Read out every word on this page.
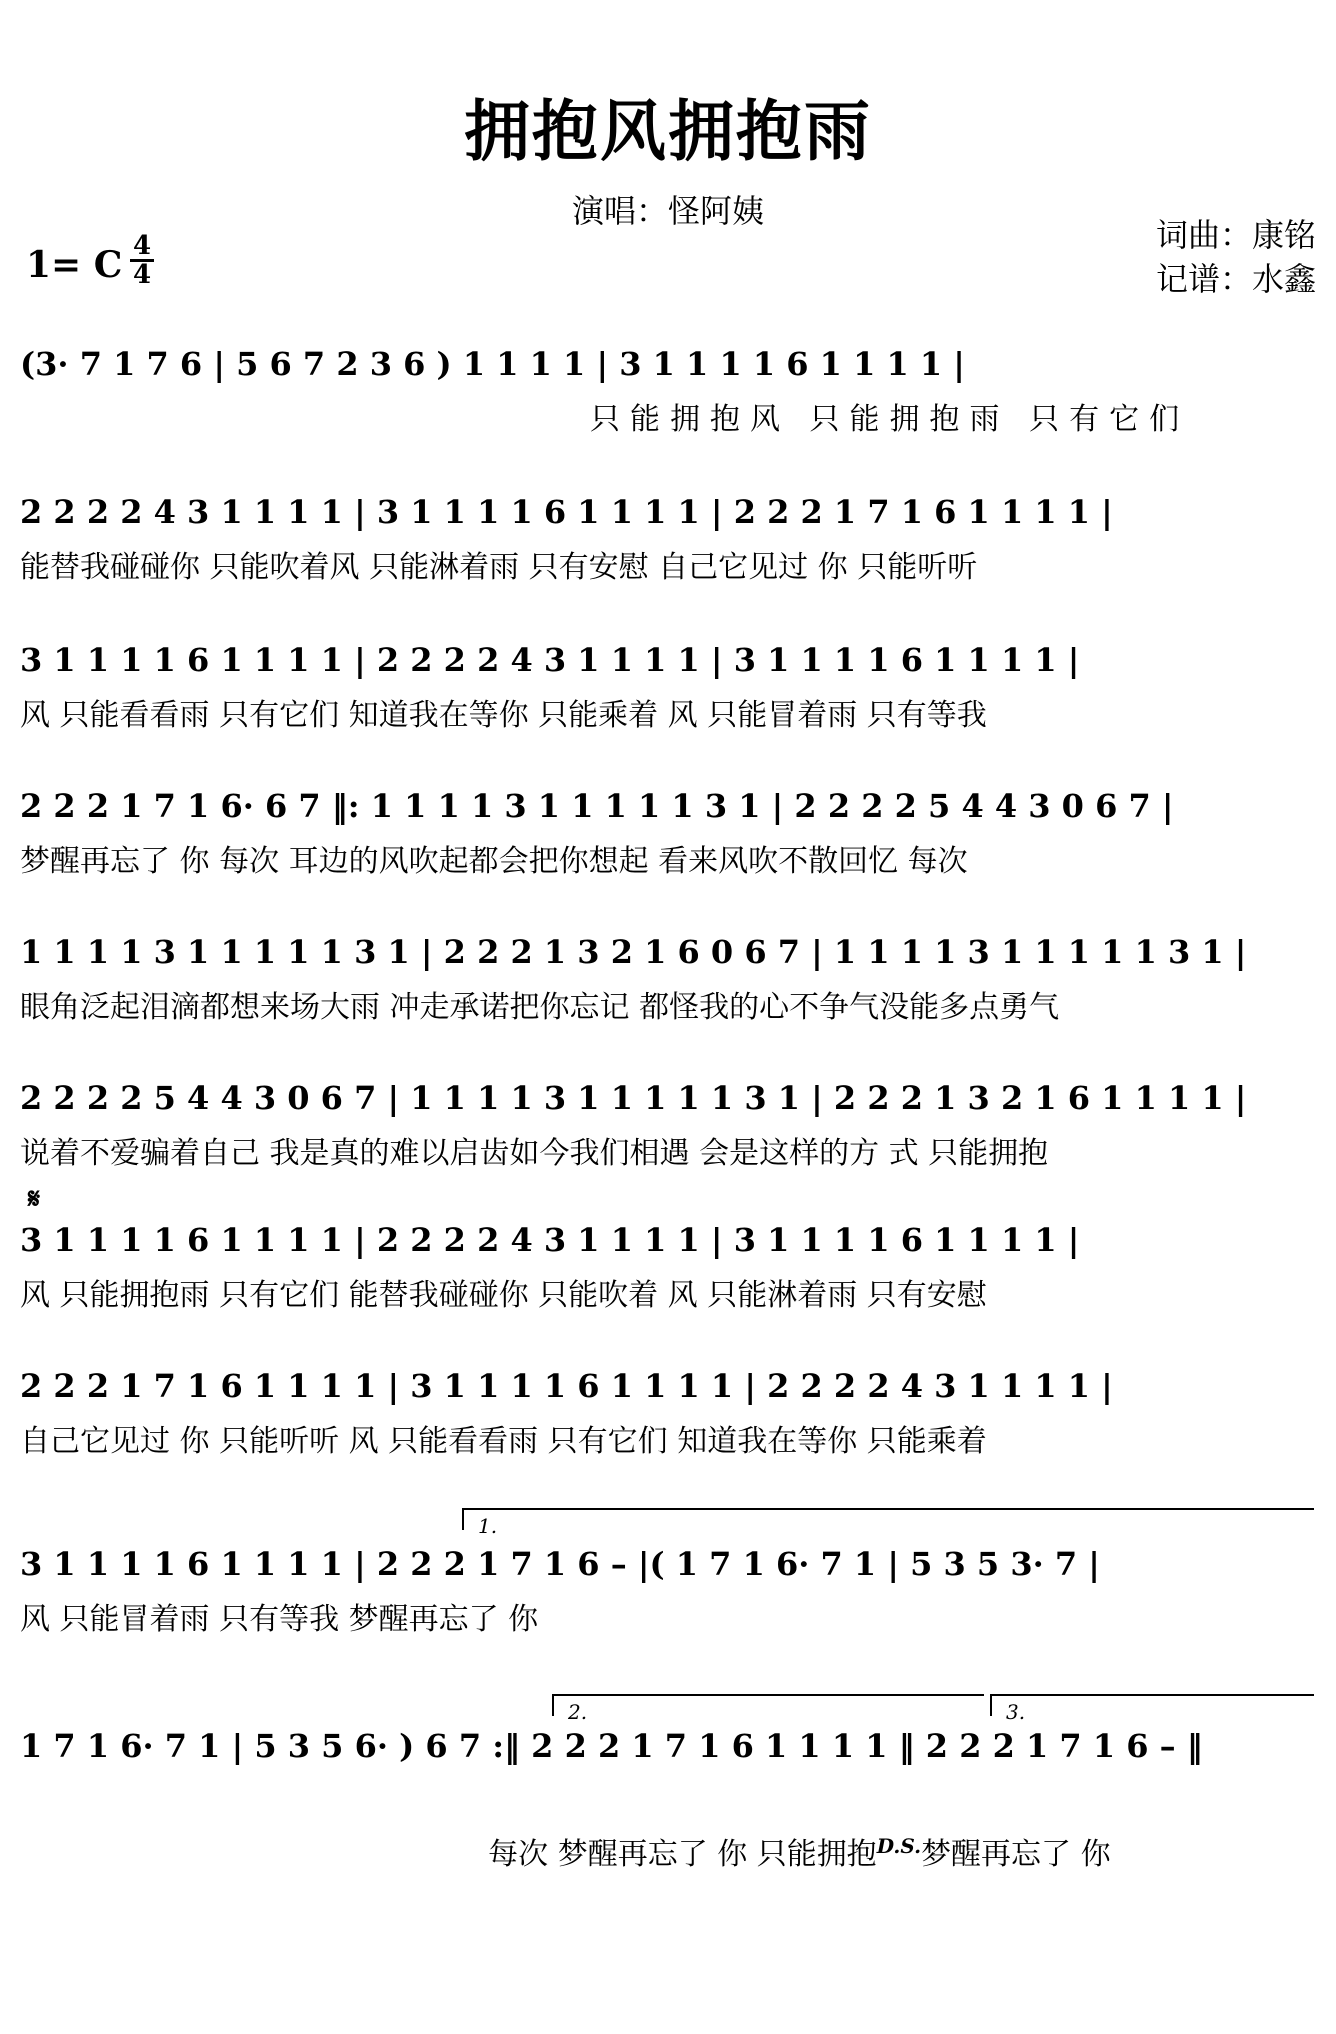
拥抱风拥抱雨
演唱：怪阿姨
词曲：康铭
记谱：水鑫
1= C 4
4
(3· 7 1 7 6 | 5 6 7 2 3 6 ) 1 1 1 1 | 3 1 1 1 1 6 1 1 1 1 |
只能拥抱风 只能拥抱雨 只有它们
2 2 2 2 4 3 1 1 1 1 | 3 1 1 1 1 6 1 1 1 1 | 2 2 2 1 7 1 6 1 1 1 1 |
能替我碰碰你 只能吹着风 只能淋着雨 只有安慰 自己它见过 你 只能听听
3 1 1 1 1 6 1 1 1 1 | 2 2 2 2 4 3 1 1 1 1 | 3 1 1 1 1 6 1 1 1 1 |
风 只能看看雨 只有它们 知道我在等你 只能乘着 风 只能冒着雨 只有等我
2 2 2 1 7 1 6· 6 7 ‖: 1 1 1 1 3 1 1 1 1 1 3 1 | 2 2 2 2 5 4 4 3 0 6 7 |
梦醒再忘了 你 每次 耳边的风吹起都会把你想起 看来风吹不散回忆 每次
1 1 1 1 3 1 1 1 1 1 3 1 | 2 2 2 1 3 2 1 6 0 6 7 | 1 1 1 1 3 1 1 1 1 1 3 1 |
眼角泛起泪滴都想来场大雨 冲走承诺把你忘记 都怪我的心不争气没能多点勇气
2 2 2 2 5 4 4 3 0 6 7 | 1 1 1 1 3 1 1 1 1 1 3 1 | 2 2 2 1 3 2 1 6 1 1 1 1 |
说着不爱骗着自己 我是真的难以启齿如今我们相遇 会是这样的方 式 只能拥抱
𝄋
3 1 1 1 1 6 1 1 1 1 | 2 2 2 2 4 3 1 1 1 1 | 3 1 1 1 1 6 1 1 1 1 |
风 只能拥抱雨 只有它们 能替我碰碰你 只能吹着 风 只能淋着雨 只有安慰
2 2 2 1 7 1 6 1 1 1 1 | 3 1 1 1 1 6 1 1 1 1 | 2 2 2 2 4 3 1 1 1 1 |
自己它见过 你 只能听听 风 只能看看雨 只有它们 知道我在等你 只能乘着
1.
3 1 1 1 1 6 1 1 1 1 | 2 2 2 1 7 1 6 – |( 1 7 1 6· 7 1 | 5 3 5 3· 7 |
风 只能冒着雨 只有等我 梦醒再忘了 你
2.	3.
1 7 1 6· 7 1 | 5 3 5 6· ) 6 7 :‖ 2 2 2 1 7 1 6 1 1 1 1 ‖ 2 2 2 1 7 1 6 – ‖

每次 梦醒再忘了 你 只能拥抱$^{D.S.}$梦醒再忘了 你
